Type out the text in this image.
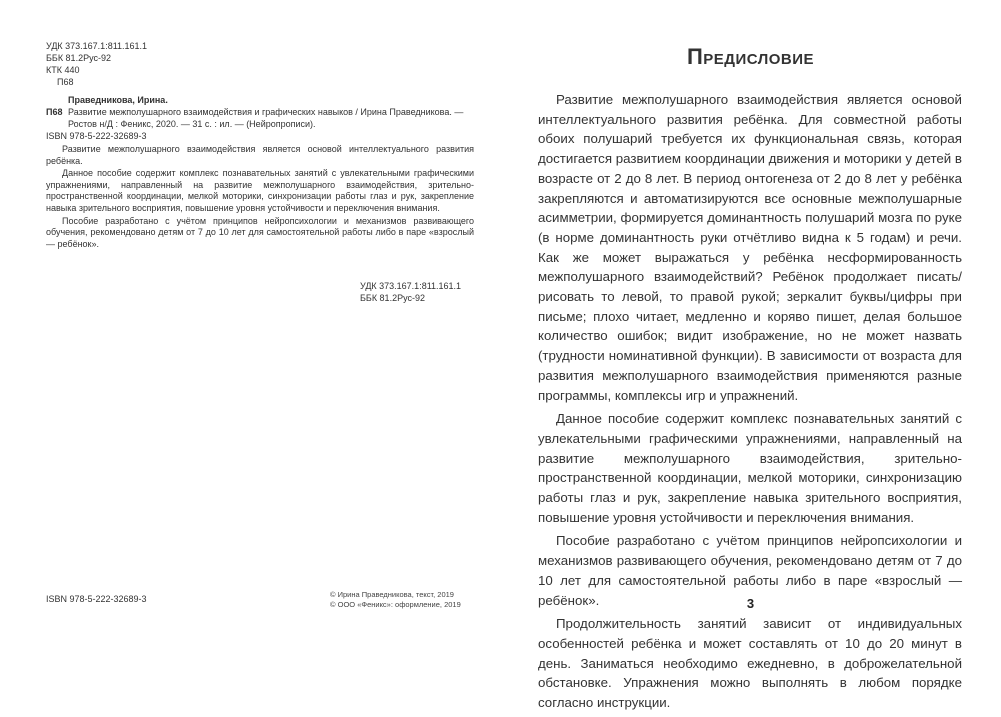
УДК 373.167.1:811.161.1
ББК 81.2Рус-92
КТК 440
П68
Праведникова, Ирина.
П68 Развитие межполушарного взаимодействия и графических навыков / Ирина Праведникова. —
Ростов н/Д : Феникс, 2020. — 31 с. : ил. — (Нейропрописи).
ISBN 978-5-222-32689-3

Развитие межполушарного взаимодействия является основой интеллектуального развития ребёнка.

Данное пособие содержит комплекс познавательных занятий с увлекательными графическими упражнениями, направленный на развитие межполушарного взаимодействия, зрительно-пространственной координации, мелкой моторики, синхронизации работы глаз и рук, закрепление навыка зрительного восприятия, повышение уровня устойчивости и переключения внимания.

Пособие разработано с учётом принципов нейропсихологии и механизмов развивающего обучения, рекомендовано детям от 7 до 10 лет для самостоятельной работы либо в паре «взрослый — ребёнок».

УДК 373.167.1:811.161.1
ББК 81.2Рус-92
ISBN 978-5-222-32689-3	© Ирина Праведникова, текст, 2019
© ООО «Феникс»: оформление, 2019
Предисловие

Развитие межполушарного взаимодействия является основой интеллектуального развития ребёнка. Для совместной работы обоих полушарий требуется их функциональная связь, которая достигается развитием координации движения и моторики у детей в возрасте от 2 до 8 лет. В период онтогенеза от 2 до 8 лет у ребёнка закрепляются и автоматизируются все основные межполушарные асимметрии, формируется доминантность полушарий мозга по руке (в норме доминантность руки отчётливо видна к 5 годам) и речи. Как же может выражаться у ребёнка несформированность межполушарного взаимодействий? Ребёнок продолжает писать/рисовать то левой, то правой рукой; зеркалит буквы/цифры при письме; плохо читает, медленно и коряво пишет, делая большое количество ошибок; видит изображение, но не может назвать (трудности номинативной функции). В зависимости от возраста для развития межполушарного взаимодействия применяются разные программы, комплексы игр и упражнений.

Данное пособие содержит комплекс познавательных занятий с увлекательными графическими упражнениями, направленный на развитие межполушарного взаимодействия, зрительно-пространственной координации, мелкой моторики, синхронизацию работы глаз и рук, закрепление навыка зрительного восприятия, повышение уровня устойчивости и переключения внимания.

Пособие разработано с учётом принципов нейропсихологии и механизмов развивающего обучения, рекомендовано детям от 7 до 10 лет для самостоятельной работы либо в паре «взрослый — ребёнок».

Продолжительность занятий зависит от индивидуальных особенностей ребёнка и может составлять от 10 до 20 минут в день. Заниматься необходимо ежедневно, в доброжелательной обстановке. Упражнения можно выполнять в любом порядке согласно инструкции.

3
